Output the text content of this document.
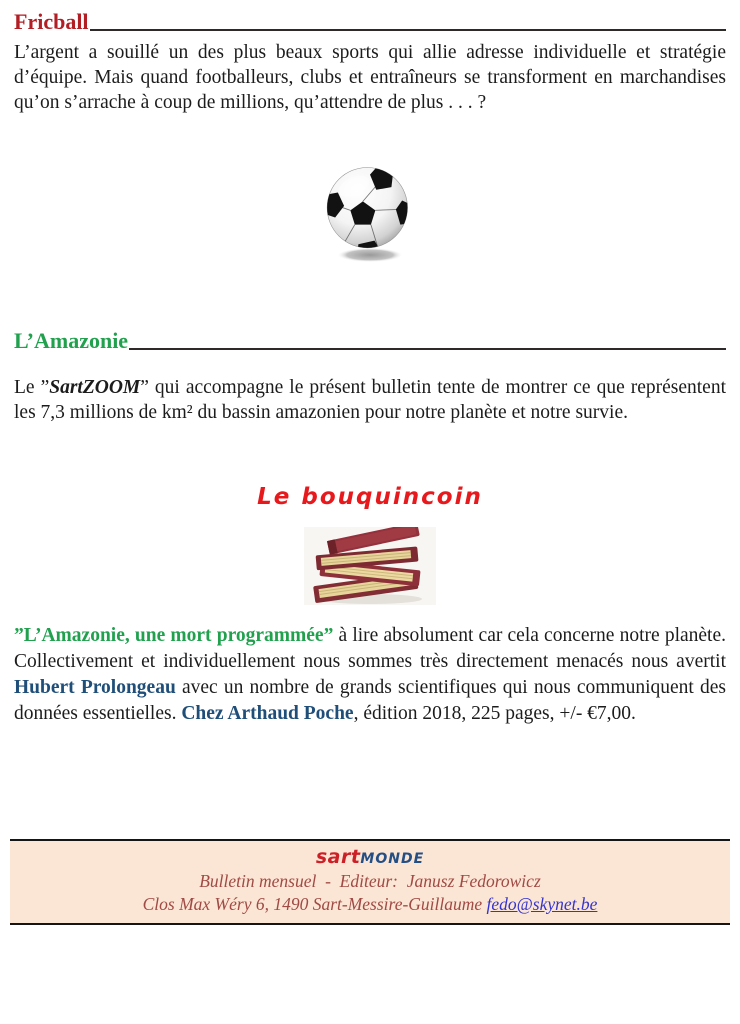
Fricball

L’argent a souillé un des plus beaux sports qui allie adresse individuelle et stratégie d’équipe. Mais quand footballeurs, clubs et entraîneurs se transforment en marchandises qu’on s’arrache à coup de millions, qu’attendre de plus . . . ?

L’Amazonie

Le ”SartZOOM” qui accompagne le présent bulletin tente de montrer ce que représentent  les 7,3 millions de km² du bassin amazonien pour notre planète et notre survie.

Le bouquincoin

”L’Amazonie, une mort programmée” à lire absolument car cela concerne notre planète. Collectivement et individuellement nous sommes très directement menacés nous avertit Hubert Prolongeau avec un nombre de grands scientifiques qui nous communiquent des données essentielles. Chez Arthaud Poche, édition 2018, 225 pages, +/- €7,00.

sartMONDE
Bulletin mensuel  -  Editeur:  Janusz Fedorowicz
Clos Max Wéry 6, 1490 Sart-Messire-Guillaume fedo@skynet.be
